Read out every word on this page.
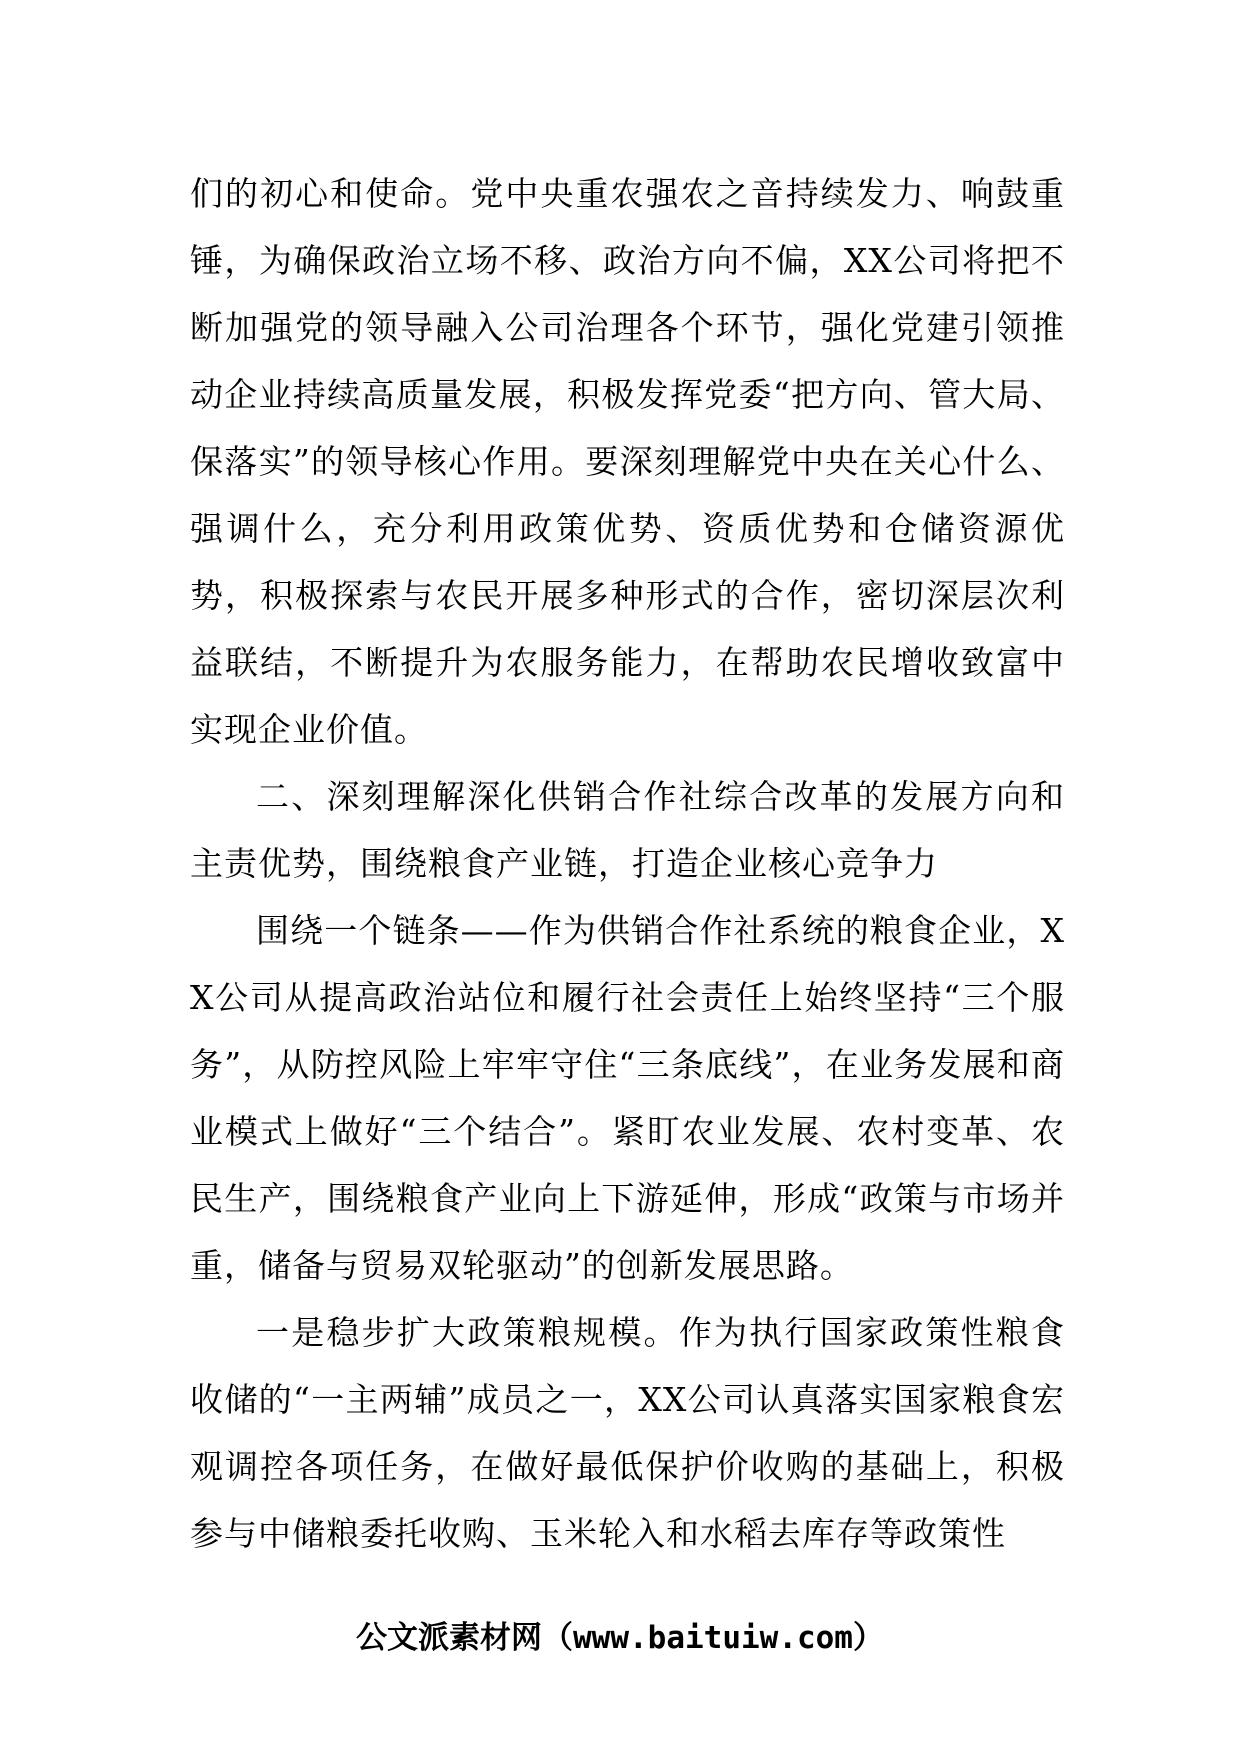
们的初心和使命。党中央重农强农之音持续发力、响鼓重锤，为确保政治立场不移、政治方向不偏，XX公司将把不断加强党的领导融入公司治理各个环节，强化党建引领推动企业持续高质量发展，积极发挥党委“把方向、管大局、保落实”的领导核心作用。要深刻理解党中央在关心什么、强调什么，充分利用政策优势、资质优势和仓储资源优势，积极探索与农民开展多种形式的合作，密切深层次利益联结，不断提升为农服务能力，在帮助农民增收致富中实现企业价值。

二、深刻理解深化供销合作社综合改革的发展方向和主责优势，围绕粮食产业链，打造企业核心竞争力

围绕一个链条——作为供销合作社系统的粮食企业，XX公司从提高政治站位和履行社会责任上始终坚持“三个服务”，从防控风险上牢牢守住“三条底线”，在业务发展和商业模式上做好“三个结合”。紧盯农业发展、农村变革、农民生产，围绕粮食产业向上下游延伸，形成“政策与市场并重，储备与贸易双轮驱动”的创新发展思路。

一是稳步扩大政策粮规模。作为执行国家政策性粮食收储的“一主两辅”成员之一，XX公司认真落实国家粮食宏观调控各项任务，在做好最低保护价收购的基础上，积极参与中储粮委托收购、玉米轮入和水稻去库存等政策性

公文派素材网（www.baituiw.com）
